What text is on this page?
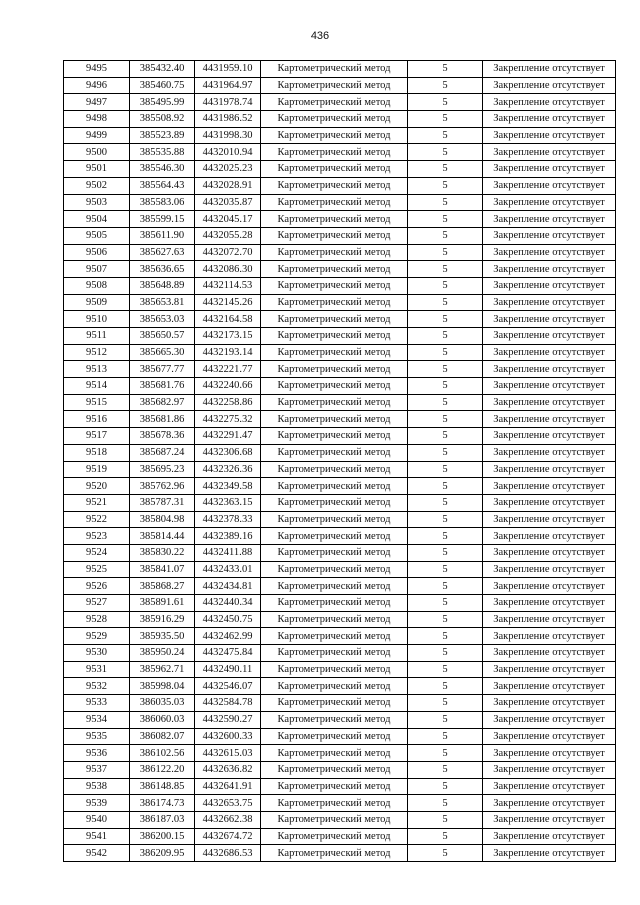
436
9495	385432.40	4431959.10	Картометрический метод	5	Закрепление отсутствует
9496	385460.75	4431964.97	Картометрический метод	5	Закрепление отсутствует
9497	385495.99	4431978.74	Картометрический метод	5	Закрепление отсутствует
9498	385508.92	4431986.52	Картометрический метод	5	Закрепление отсутствует
9499	385523.89	4431998.30	Картометрический метод	5	Закрепление отсутствует
9500	385535.88	4432010.94	Картометрический метод	5	Закрепление отсутствует
9501	385546.30	4432025.23	Картометрический метод	5	Закрепление отсутствует
9502	385564.43	4432028.91	Картометрический метод	5	Закрепление отсутствует
9503	385583.06	4432035.87	Картометрический метод	5	Закрепление отсутствует
9504	385599.15	4432045.17	Картометрический метод	5	Закрепление отсутствует
9505	385611.90	4432055.28	Картометрический метод	5	Закрепление отсутствует
9506	385627.63	4432072.70	Картометрический метод	5	Закрепление отсутствует
9507	385636.65	4432086.30	Картометрический метод	5	Закрепление отсутствует
9508	385648.89	4432114.53	Картометрический метод	5	Закрепление отсутствует
9509	385653.81	4432145.26	Картометрический метод	5	Закрепление отсутствует
9510	385653.03	4432164.58	Картометрический метод	5	Закрепление отсутствует
9511	385650.57	4432173.15	Картометрический метод	5	Закрепление отсутствует
9512	385665.30	4432193.14	Картометрический метод	5	Закрепление отсутствует
9513	385677.77	4432221.77	Картометрический метод	5	Закрепление отсутствует
9514	385681.76	4432240.66	Картометрический метод	5	Закрепление отсутствует
9515	385682.97	4432258.86	Картометрический метод	5	Закрепление отсутствует
9516	385681.86	4432275.32	Картометрический метод	5	Закрепление отсутствует
9517	385678.36	4432291.47	Картометрический метод	5	Закрепление отсутствует
9518	385687.24	4432306.68	Картометрический метод	5	Закрепление отсутствует
9519	385695.23	4432326.36	Картометрический метод	5	Закрепление отсутствует
9520	385762.96	4432349.58	Картометрический метод	5	Закрепление отсутствует
9521	385787.31	4432363.15	Картометрический метод	5	Закрепление отсутствует
9522	385804.98	4432378.33	Картометрический метод	5	Закрепление отсутствует
9523	385814.44	4432389.16	Картометрический метод	5	Закрепление отсутствует
9524	385830.22	4432411.88	Картометрический метод	5	Закрепление отсутствует
9525	385841.07	4432433.01	Картометрический метод	5	Закрепление отсутствует
9526	385868.27	4432434.81	Картометрический метод	5	Закрепление отсутствует
9527	385891.61	4432440.34	Картометрический метод	5	Закрепление отсутствует
9528	385916.29	4432450.75	Картометрический метод	5	Закрепление отсутствует
9529	385935.50	4432462.99	Картометрический метод	5	Закрепление отсутствует
9530	385950.24	4432475.84	Картометрический метод	5	Закрепление отсутствует
9531	385962.71	4432490.11	Картометрический метод	5	Закрепление отсутствует
9532	385998.04	4432546.07	Картометрический метод	5	Закрепление отсутствует
9533	386035.03	4432584.78	Картометрический метод	5	Закрепление отсутствует
9534	386060.03	4432590.27	Картометрический метод	5	Закрепление отсутствует
9535	386082.07	4432600.33	Картометрический метод	5	Закрепление отсутствует
9536	386102.56	4432615.03	Картометрический метод	5	Закрепление отсутствует
9537	386122.20	4432636.82	Картометрический метод	5	Закрепление отсутствует
9538	386148.85	4432641.91	Картометрический метод	5	Закрепление отсутствует
9539	386174.73	4432653.75	Картометрический метод	5	Закрепление отсутствует
9540	386187.03	4432662.38	Картометрический метод	5	Закрепление отсутствует
9541	386200.15	4432674.72	Картометрический метод	5	Закрепление отсутствует
9542	386209.95	4432686.53	Картометрический метод	5	Закрепление отсутствует
